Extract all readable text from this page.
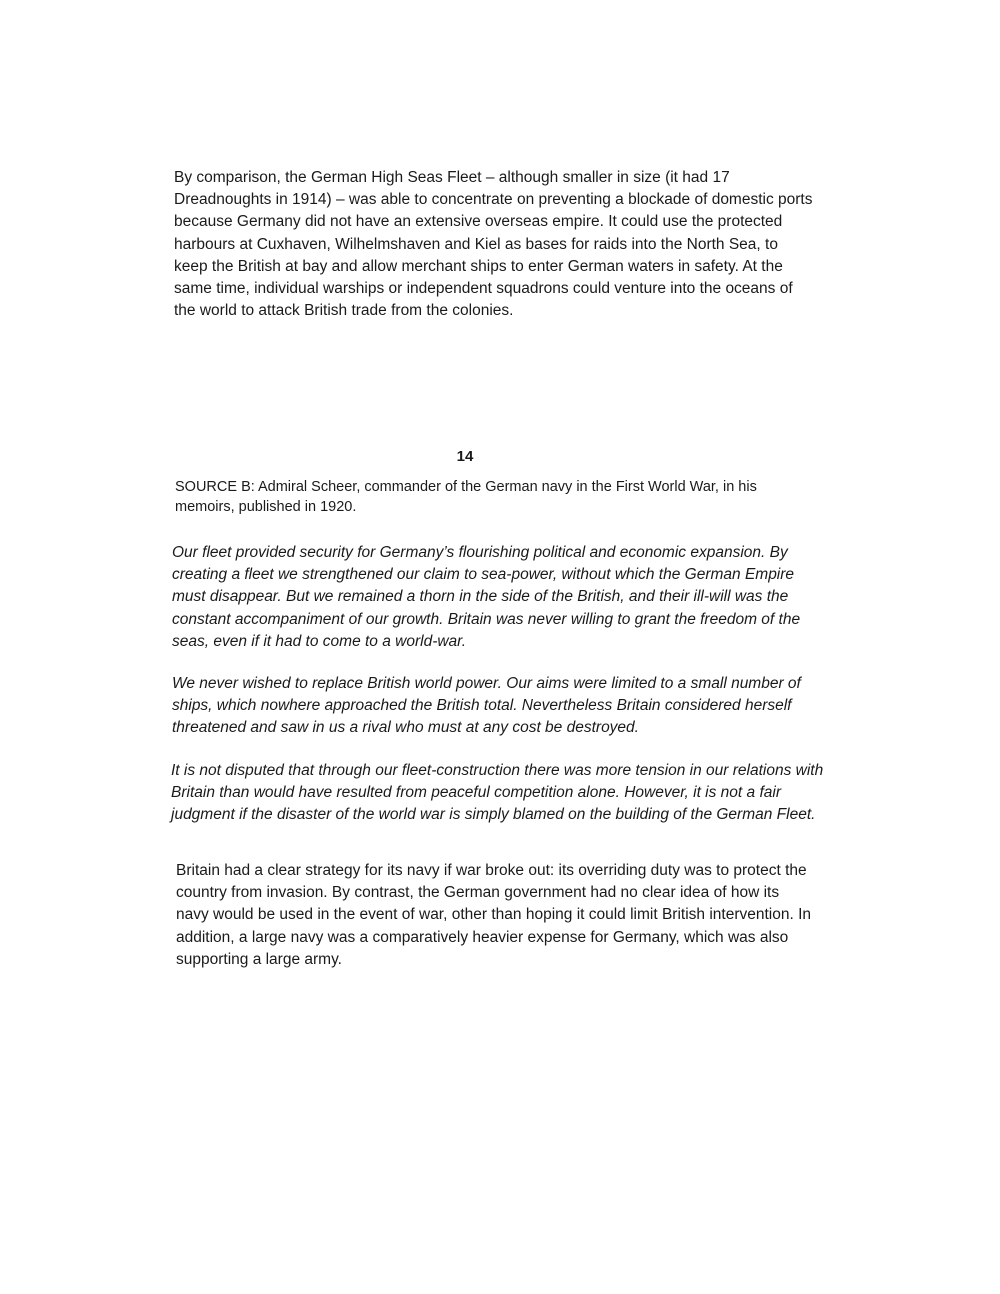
By comparison, the German High Seas Fleet – although smaller in size (it had 17
Dreadnoughts in 1914) – was able to concentrate on preventing a blockade of domestic ports
because Germany did not have an extensive overseas empire. It could use the protected
harbours at Cuxhaven, Wilhelmshaven and Kiel as bases for raids into the North Sea, to
keep the British at bay and allow merchant ships to enter German waters in safety. At the
same time, individual warships or independent squadrons could venture into the oceans of
the world to attack British trade from the colonies.
14
SOURCE B: Admiral Scheer, commander of the German navy in the First World War, in his
memoirs, published in 1920.
Our fleet provided security for Germany’s flourishing political and economic expansion. By
creating a fleet we strengthened our claim to sea-power, without which the German Empire
must disappear. But we remained a thorn in the side of the British, and their ill-will was the
constant accompaniment of our growth. Britain was never willing to grant the freedom of the
seas, even if it had to come to a world-war.
We never wished to replace British world power. Our aims were limited to a small number of
ships, which nowhere approached the British total. Nevertheless Britain considered herself
threatened and saw in us a rival who must at any cost be destroyed.
It is not disputed that through our fleet-construction there was more tension in our relations with
Britain than would have resulted from peaceful competition alone. However, it is not a fair
judgment if the disaster of the world war is simply blamed on the building of the German Fleet.
Britain had a clear strategy for its navy if war broke out: its overriding duty was to protect the
country from invasion. By contrast, the German government had no clear idea of how its
navy would be used in the event of war, other than hoping it could limit British intervention. In
addition, a large navy was a comparatively heavier expense for Germany, which was also
supporting a large army.
